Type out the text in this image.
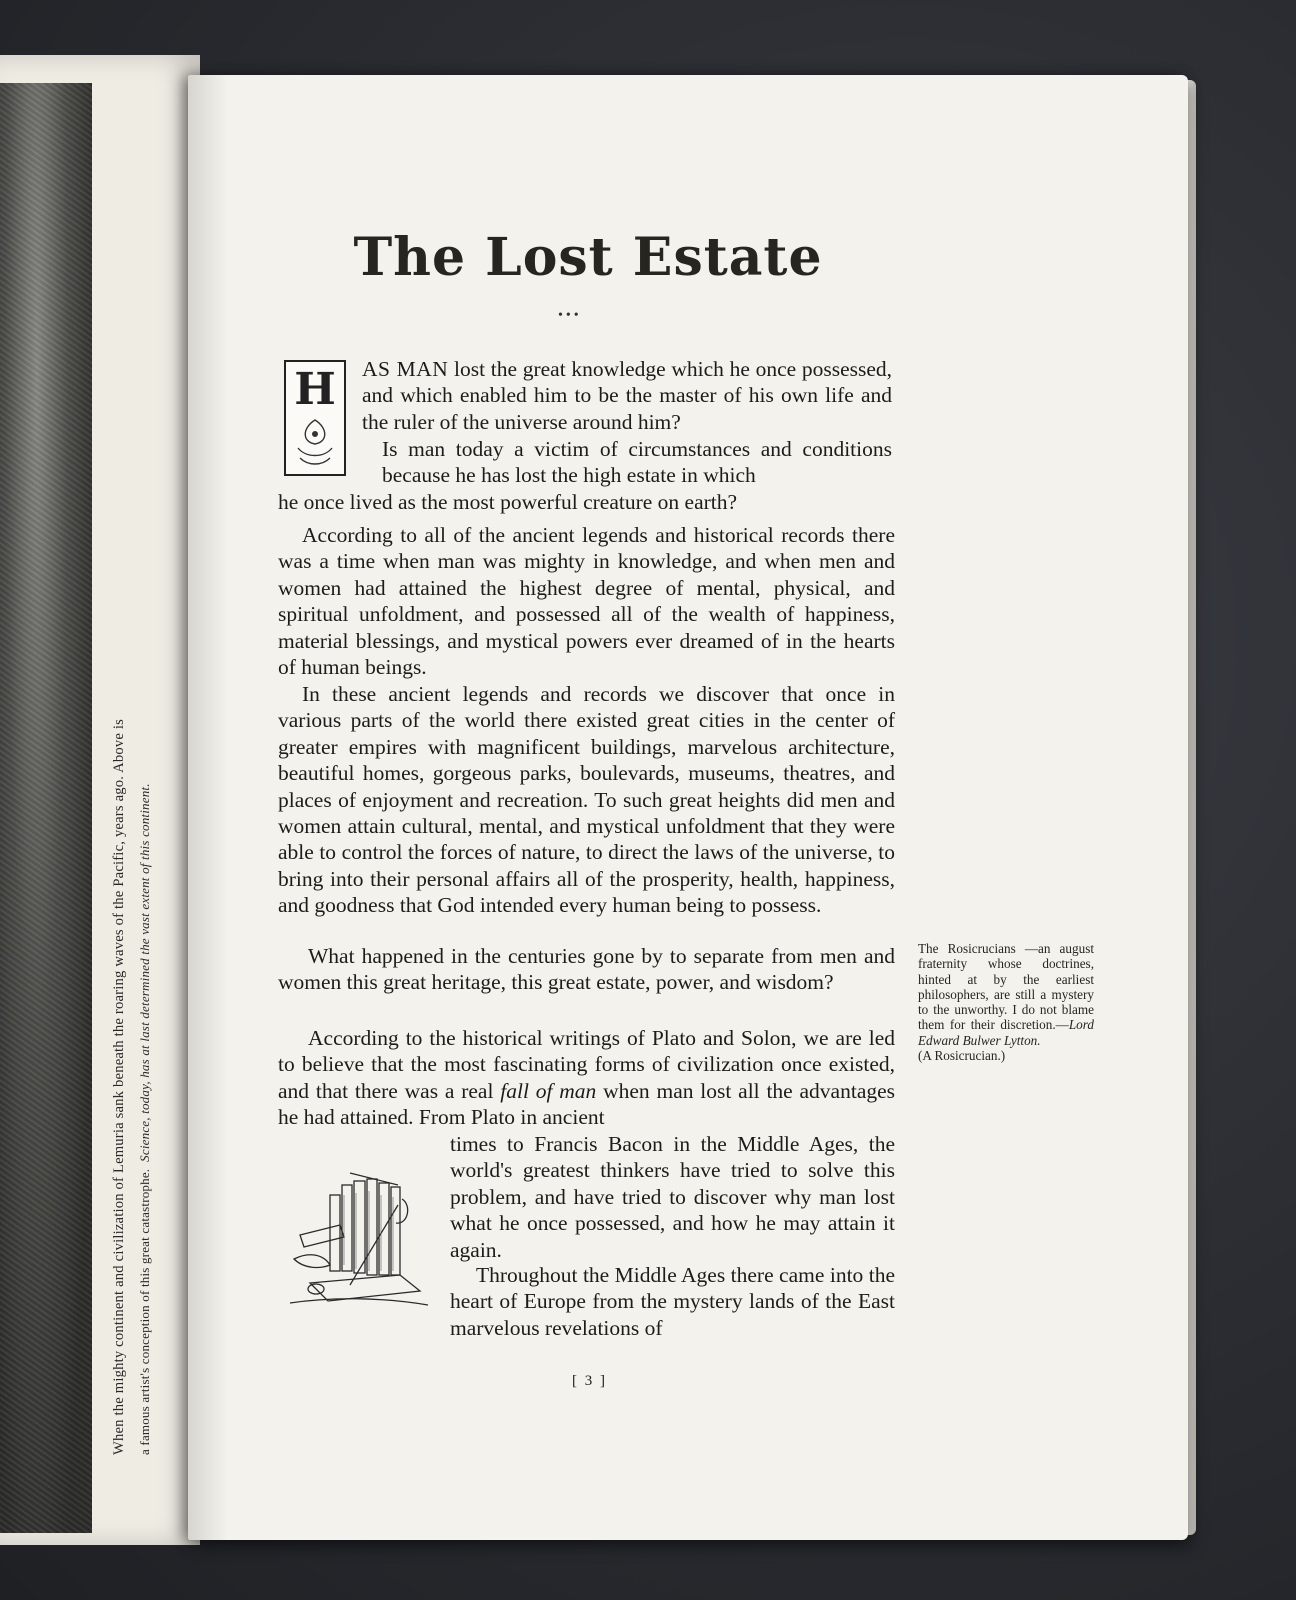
When the mighty continent and civilization of Lemuria sank beneath the roaring waves of the Pacific, years ago. Above is a famous artist's conception of this great catastrophe.  Science, today, has at last determined the vast extent of this continent.
The Lost Estate
•••
H	AS MAN lost the great knowledge which he once possessed, and which enabled him to be the master of his own life and the ruler of the universe around him?

Is man today a victim of circumstances and conditions because he has lost the high estate in which
he once lived as the most powerful creature on earth?

According to all of the ancient legends and historical records there was a time when man was mighty in knowledge, and when men and women had attained the highest degree of mental, physical, and spiritual unfoldment, and possessed all of the wealth of happiness, material blessings, and mystical powers ever dreamed of in the hearts of human beings.

In these ancient legends and records we discover that once in various parts of the world there existed great cities in the center of greater empires with magnificent buildings, marvelous architecture, beautiful homes, gorgeous parks, boulevards, museums, theatres, and places of enjoyment and recreation. To such great heights did men and women attain cultural, mental, and mystical unfoldment that they were able to control the forces of nature, to direct the laws of the universe, to bring into their personal affairs all of the prosperity, health, happiness, and goodness that God intended every human being to possess.

What happened in the centuries gone by to separate from men and women this great heritage, this great estate, power, and wisdom?

According to the historical writings of Plato and Solon, we are led to believe that the most fascinating forms of civilization once existed, and that there was a real fall of man when man lost all the advantages he had attained. From Plato in ancient

times to Francis Bacon in the Middle Ages, the world's greatest thinkers have tried to solve this problem, and have tried to discover why man lost what he once possessed, and how he may attain it again.

Throughout the Middle Ages there came into the heart of Europe from the mystery lands of the East marvelous revelations of

[ 3 ]

The Rosicrucians —an august fraternity whose doctrines, hinted at by the earliest philosophers, are still a mystery to the unworthy. I do not blame them for their discretion.—Lord Edward Bulwer Lytton.
(A Rosicrucian.)
